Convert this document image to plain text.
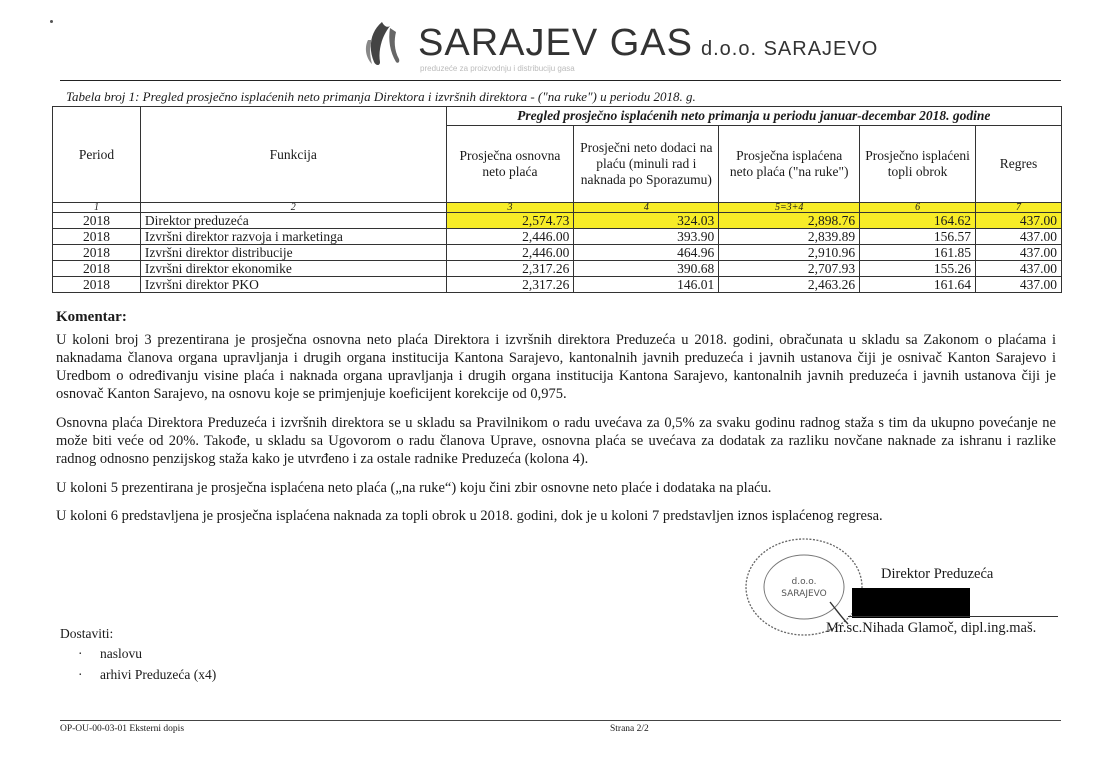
SARAJEV GAS d.o.o. SARAJEVO
preduzeće za proizvodnju i distribuciju gasa
Tabela broj 1: Pregled prosječno isplaćenih neto primanja Direktora i izvršnih direktora - ("na ruke") u periodu 2018. g.
Period	Funkcija	Pregled prosječno isplaćenih neto primanja u periodu januar-decembar 2018. godine				
		Prosječna osnovna neto plaća	Prosječni neto dodaci na plaću (minuli rad i naknada po Sporazumu)	Prosječna isplaćena neto plaća ("na ruke")	Prosječno isplaćeni topli obrok	Regres
1	2	3	4	5=3+4	6	7
2018	Direktor preduzeća	2,574.73	324.03	2,898.76	164.62	437.00
2018	Izvršni direktor razvoja i marketinga	2,446.00	393.90	2,839.89	156.57	437.00
2018	Izvršni direktor distribucije	2,446.00	464.96	2,910.96	161.85	437.00
2018	Izvršni direktor ekonomike	2,317.26	390.68	2,707.93	155.26	437.00
2018	Izvršni direktor PKO	2,317.26	146.01	2,463.26	161.64	437.00
Komentar:
U koloni broj 3 prezentirana je prosječna osnovna neto plaća Direktora i izvršnih direktora Preduzeća u 2018. godini, obračunata u skladu sa Zakonom o plaćama i naknadama članova organa upravljanja i drugih organa institucija Kantona Sarajevo, kantonalnih javnih preduzeća i javnih ustanova čiji je osnivač Kanton Sarajevo i Uredbom o određivanju visine plaća i naknada organa upravljanja i drugih organa institucija Kantona Sarajevo, kantonalnih javnih preduzeća i javnih ustanova čiji je osnovač Kanton Sarajevo, na osnovu koje se primjenjuje koeficijent korekcije od 0,975.
Osnovna plaća Direktora Preduzeća i izvršnih direktora se u skladu sa Pravilnikom o radu uvećava za 0,5% za svaku godinu radnog staža s tim da ukupno povećanje ne može biti veće od 20%. Takođe, u skladu sa Ugovorom o radu članova Uprave, osnovna plaća se uvećava za dodatak za razliku novčane naknade za ishranu i razlike radnog odnosno penzijskog staža kako je utvrđeno i za ostale radnike Preduzeća (kolona 4).
U koloni 5 prezentirana je prosječna isplaćena neto plaća („na ruke“) koju čini zbir osnovne neto plaće i dodataka na plaću.
U koloni 6 predstavljena je prosječna isplaćena naknada za topli obrok u 2018. godini, dok je u koloni 7 predstavljen iznos isplaćenog regresa.
d.o.o.
SARAJEVO
Direktor Preduzeća
Mr.sc.Nihada Glamoč, dipl.ing.maš.
Dostaviti:
· naslovu
· arhivi Preduzeća (x4)
OP-OU-00-03-01 Eksterni dopis	Strana 2/2
